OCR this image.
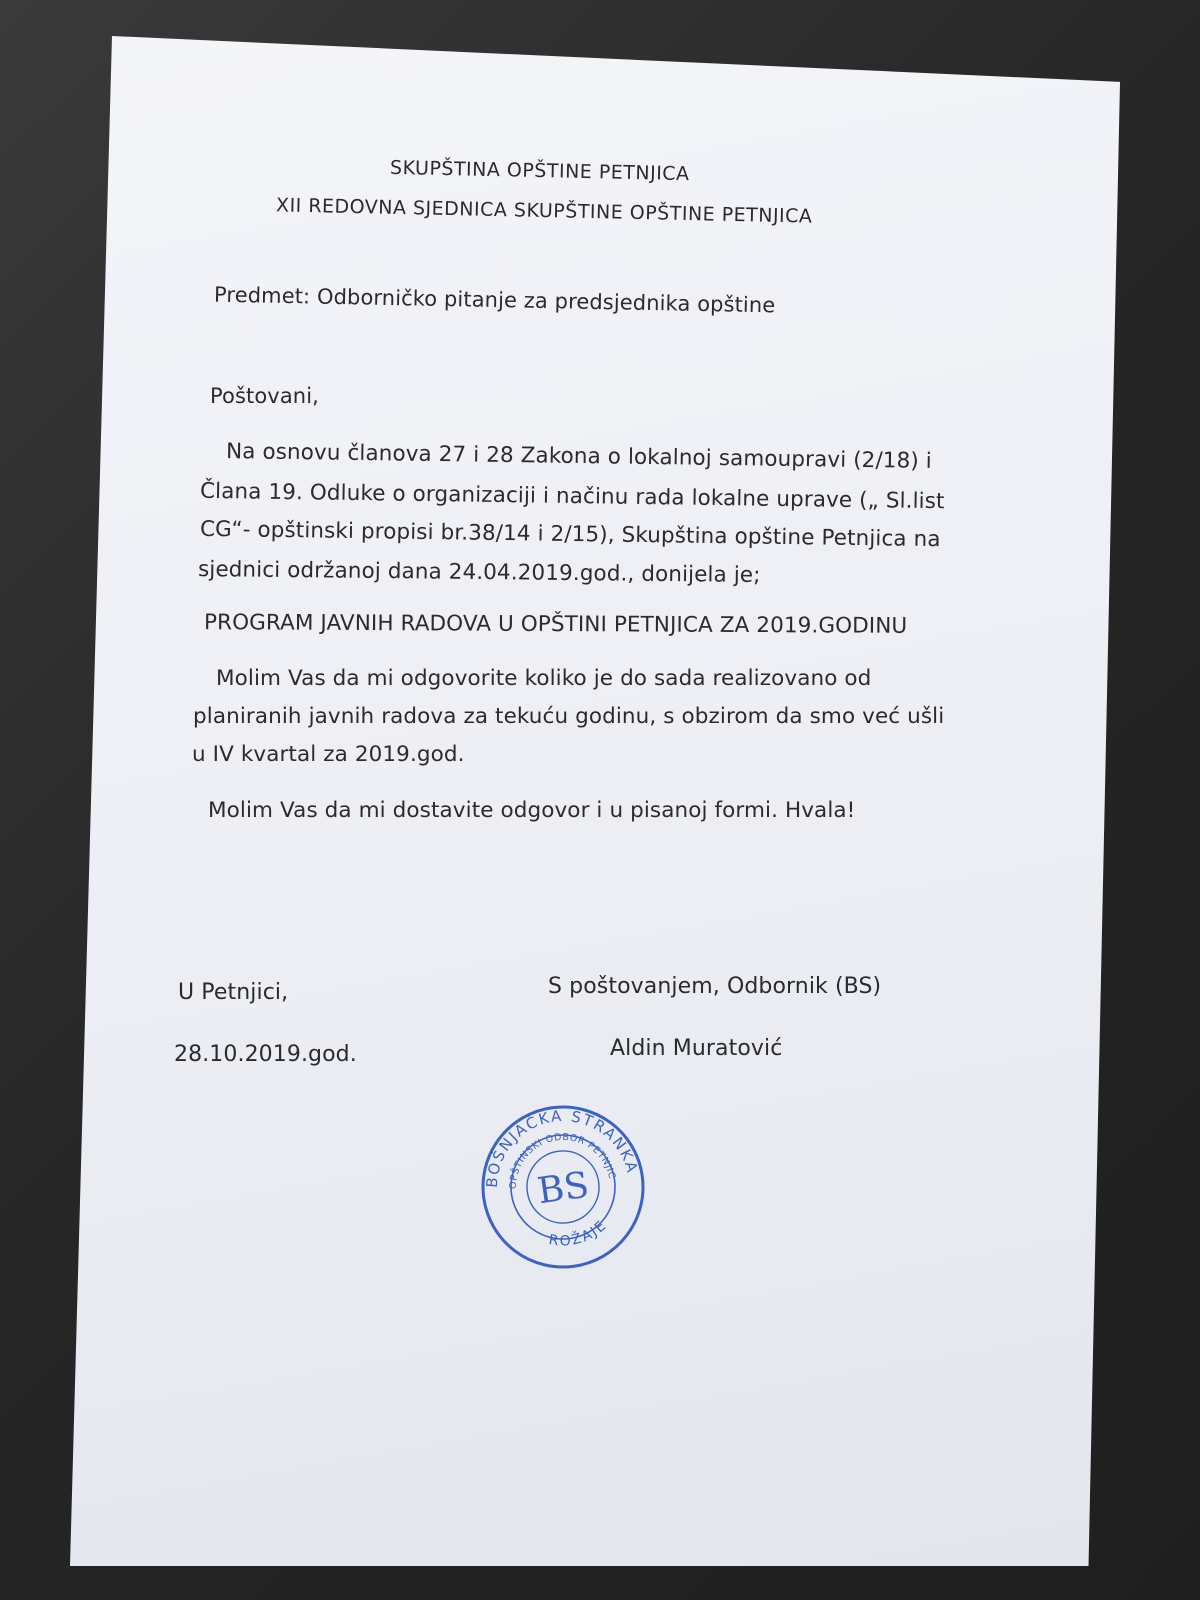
SKUPŠTINA OPŠTINE PETNJICA
XII REDOVNA SJEDNICA SKUPŠTINE OPŠTINE PETNJICA
Predmet: Odborničko pitanje za predsjednika opštine
Poštovani,
Na osnovu članova 27 i 28 Zakona o lokalnoj samoupravi (2/18) i
Člana 19. Odluke o organizaciji i načinu rada lokalne uprave („ Sl.list
CG“- opštinski propisi br.38/14 i 2/15), Skupština opštine Petnjica na
sjednici održanoj dana 24.04.2019.god., donijela je;
PROGRAM JAVNIH RADOVA U OPŠTINI PETNJICA ZA 2019.GODINU
Molim Vas da mi odgovorite koliko je do sada realizovano od
planiranih javnih radova za tekuću godinu, s obzirom da smo već ušli
u IV kvartal za 2019.god.
Molim Vas da mi dostavite odgovor i u pisanoj formi. Hvala!
U Petnjici,
28.10.2019.god.
S poštovanjem, Odbornik (BS)
Aldin Muratović
BOŠNJAČKA STRANKA
OPŠTINSKI ODBOR PETNJICA
ROŽAJE
BS
